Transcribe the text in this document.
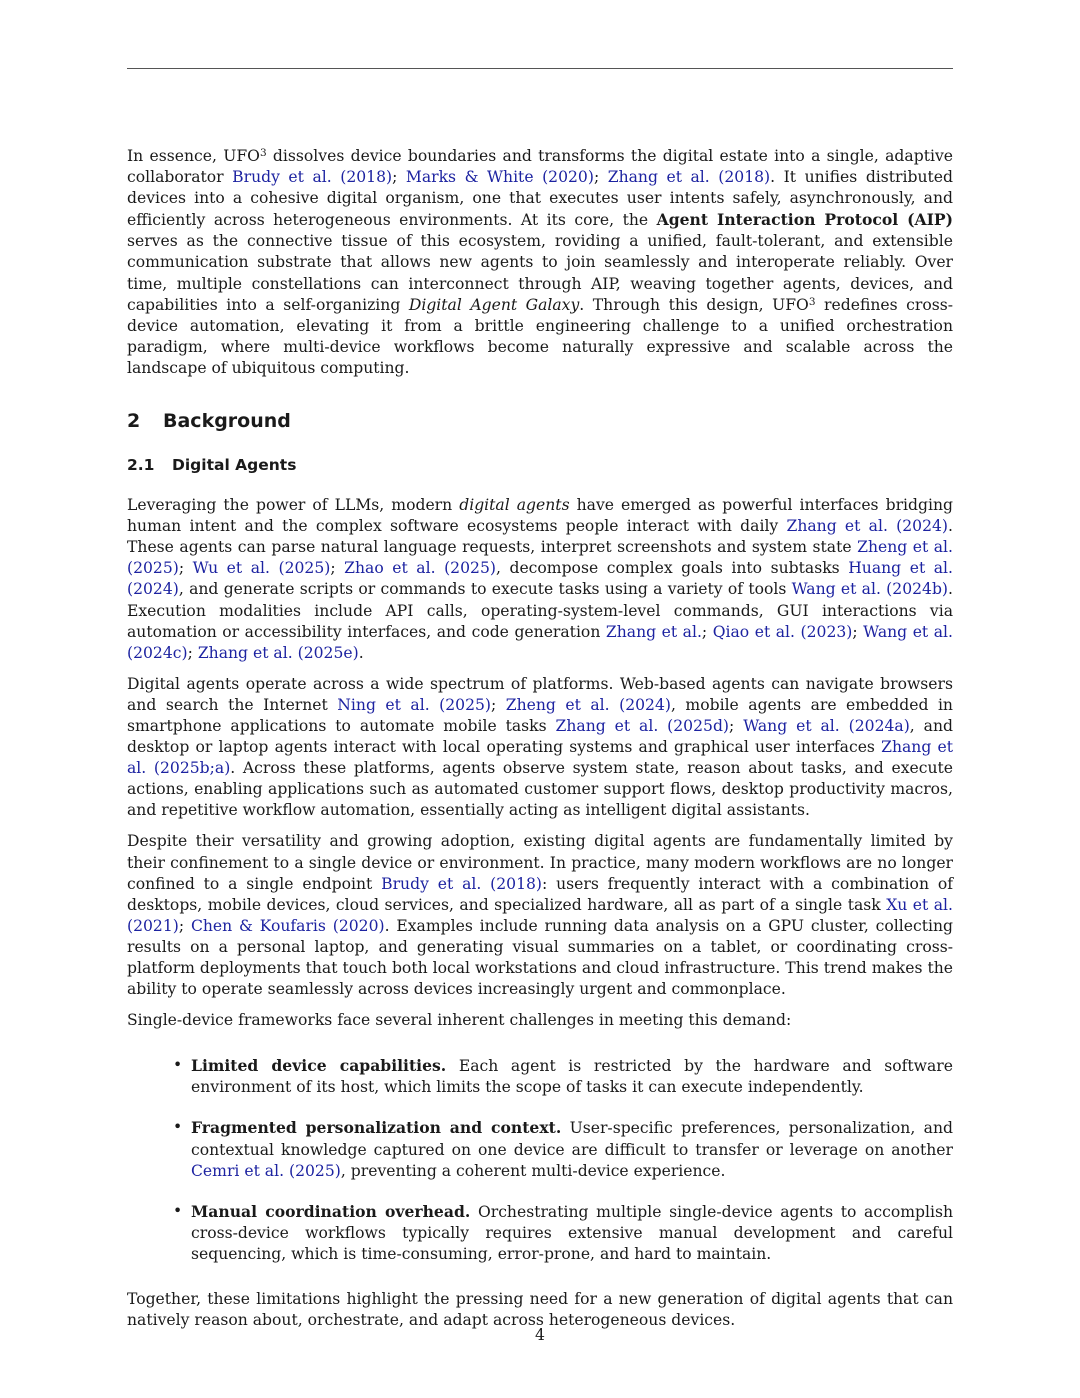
In essence, UFO$^3$ dissolves device boundaries and transforms the digital estate into a single, adaptive collaborator Brudy et al. (2018); Marks & White (2020); Zhang et al. (2018). It unifies distributed devices into a cohesive digital organism, one that executes user intents safely, asynchronously, and efficiently across heterogeneous environments. At its core, the Agent Interaction Protocol (AIP) serves as the connective tissue of this ecosystem, roviding a unified, fault-tolerant, and extensible communication substrate that allows new agents to join seamlessly and interoperate reliably. Over time, multiple constellations can interconnect through AIP, weaving together agents, devices, and capabilities into a self-organizing Digital Agent Galaxy. Through this design, UFO$^3$ redefines cross-device automation, elevating it from a brittle engineering challenge to a unified orchestration paradigm, where multi-device workflows become naturally expressive and scalable across the landscape of ubiquitous computing.

2 Background
2.1 Digital Agents

Leveraging the power of LLMs, modern digital agents have emerged as powerful interfaces bridging human intent and the complex software ecosystems people interact with daily Zhang et al. (2024). These agents can parse natural language requests, interpret screenshots and system state Zheng et al. (2025); Wu et al. (2025); Zhao et al. (2025), decompose complex goals into subtasks Huang et al. (2024), and generate scripts or commands to execute tasks using a variety of tools Wang et al. (2024b). Execution modalities include API calls, operating-system-level commands, GUI interactions via automation or accessibility interfaces, and code generation Zhang et al.; Qiao et al. (2023); Wang et al. (2024c); Zhang et al. (2025e).

Digital agents operate across a wide spectrum of platforms. Web-based agents can navigate browsers and search the Internet Ning et al. (2025); Zheng et al. (2024), mobile agents are embedded in smartphone applications to automate mobile tasks Zhang et al. (2025d); Wang et al. (2024a), and desktop or laptop agents interact with local operating systems and graphical user interfaces Zhang et al. (2025b;a). Across these platforms, agents observe system state, reason about tasks, and execute actions, enabling applications such as automated customer support flows, desktop productivity macros, and repetitive workflow automation, essentially acting as intelligent digital assistants.

Despite their versatility and growing adoption, existing digital agents are fundamentally limited by their confinement to a single device or environment. In practice, many modern workflows are no longer confined to a single endpoint Brudy et al. (2018): users frequently interact with a combination of desktops, mobile devices, cloud services, and specialized hardware, all as part of a single task Xu et al. (2021); Chen & Koufaris (2020). Examples include running data analysis on a GPU cluster, collecting results on a personal laptop, and generating visual summaries on a tablet, or coordinating cross-platform deployments that touch both local workstations and cloud infrastructure. This trend makes the ability to operate seamlessly across devices increasingly urgent and commonplace.

Single-device frameworks face several inherent challenges in meeting this demand:

• Limited device capabilities. Each agent is restricted by the hardware and software environment of its host, which limits the scope of tasks it can execute independently.
• Fragmented personalization and context. User-specific preferences, personalization, and contextual knowledge captured on one device are difficult to transfer or leverage on another Cemri et al. (2025), preventing a coherent multi-device experience.
• Manual coordination overhead. Orchestrating multiple single-device agents to accomplish cross-device workflows typically requires extensive manual development and careful sequencing, which is time-consuming, error-prone, and hard to maintain.

Together, these limitations highlight the pressing need for a new generation of digital agents that can natively reason about, orchestrate, and adapt across heterogeneous devices.

4
